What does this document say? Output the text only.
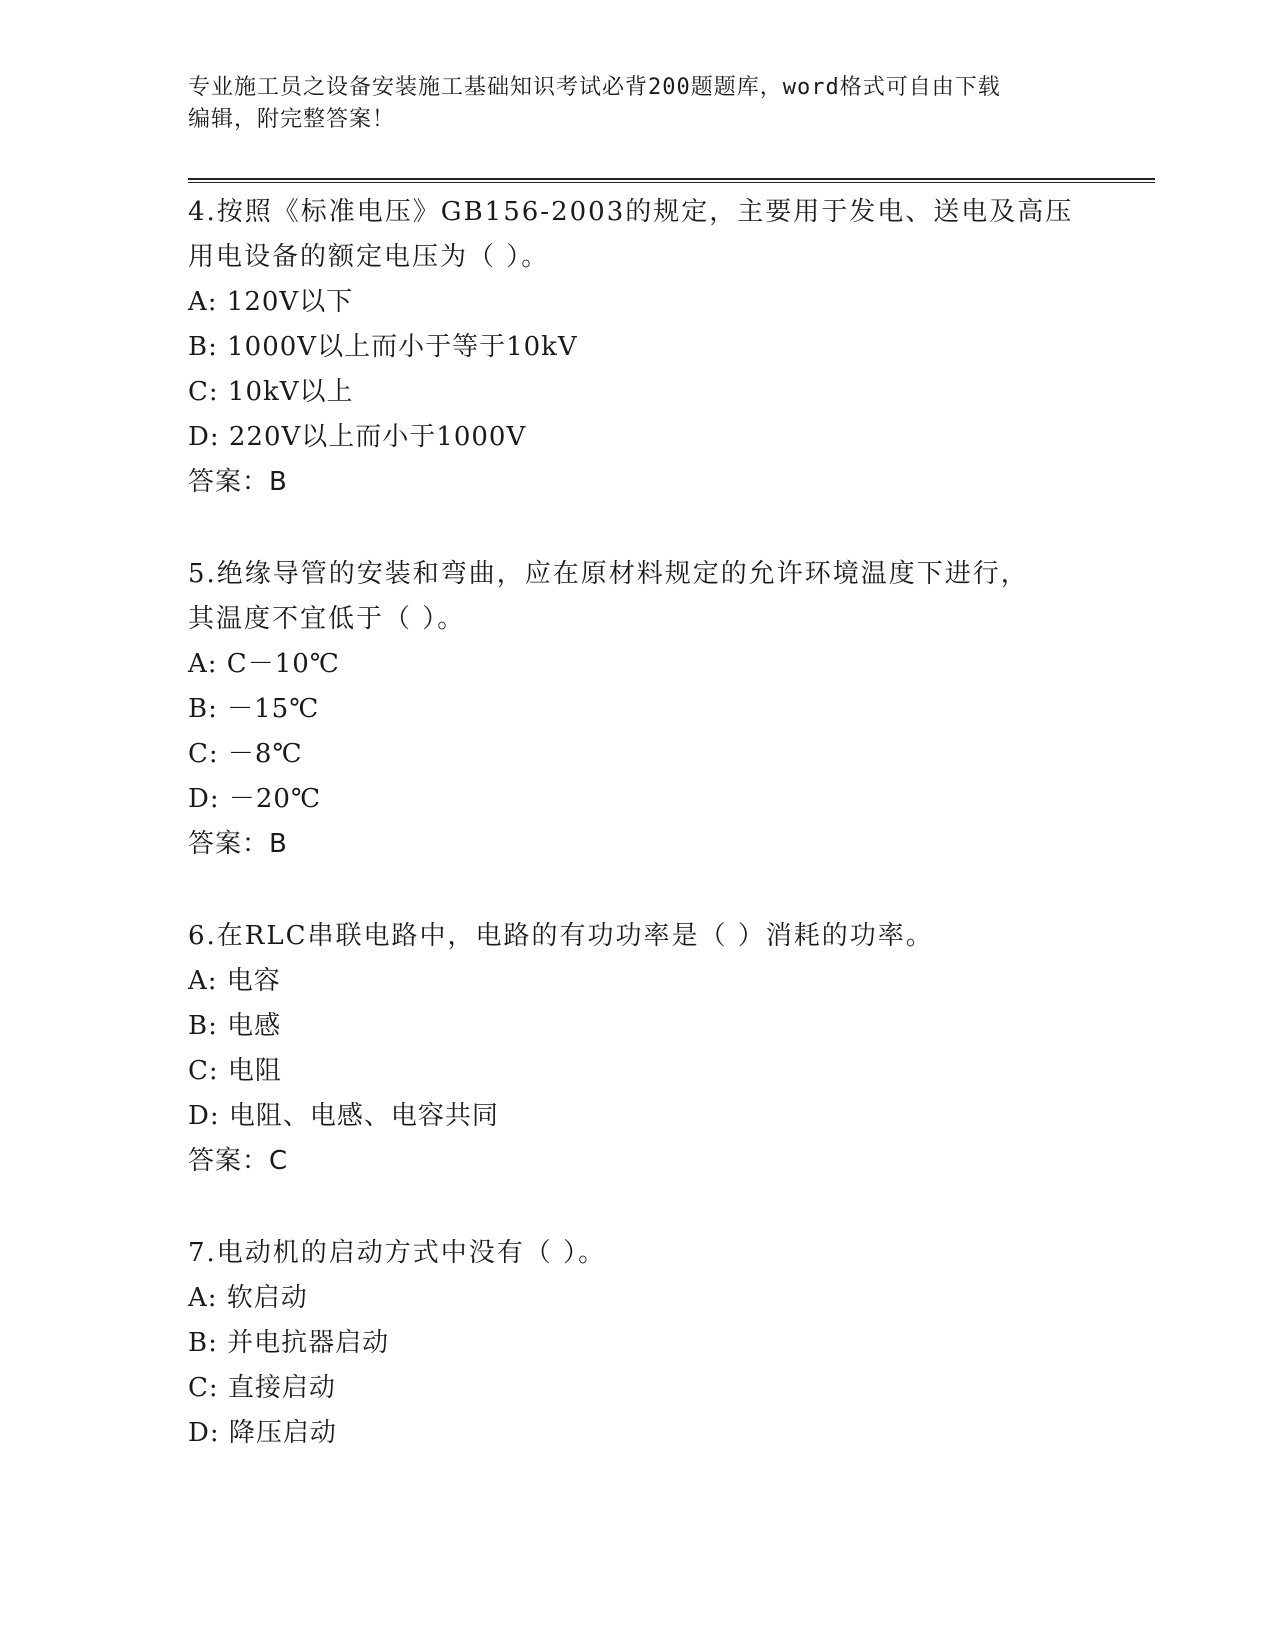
专业施工员之设备安装施工基础知识考试必背200题题库，word格式可自由下载
编辑，附完整答案！
4.按照《标准电压》GB156-2003的规定，主要用于发电、送电及高压
用电设备的额定电压为（ ）。
A: 120V以下
B: 1000V以上而小于等于10kV
C: 10kV以上
D: 220V以上而小于1000V
答案：B
5.绝缘导管的安装和弯曲，应在原材料规定的允许环境温度下进行，
其温度不宜低于（ ）。
A: C－10℃
B: －15℃
C: －8℃
D: －20℃
答案：B
6.在RLC串联电路中，电路的有功功率是（ ）消耗的功率。
A: 电容
B: 电感
C: 电阻
D: 电阻、电感、电容共同
答案：C
7.电动机的启动方式中没有（ ）。
A: 软启动
B: 并电抗器启动
C: 直接启动
D: 降压启动
